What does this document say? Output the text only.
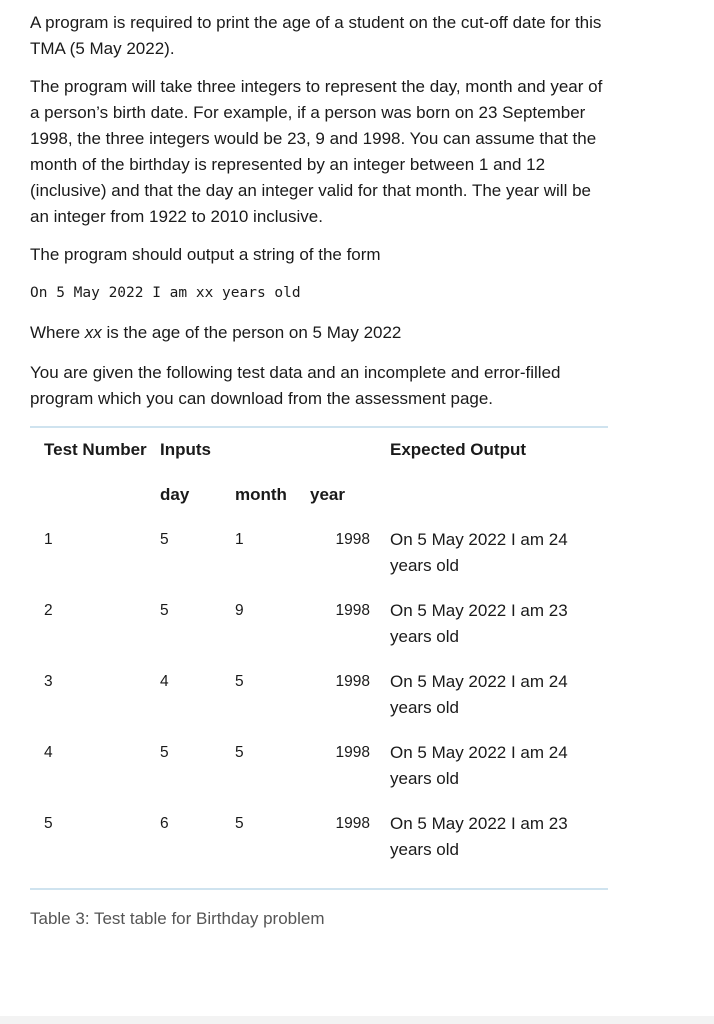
A program is required to print the age of a student on the cut-off date for this TMA (5 May 2022).

The program will take three integers to represent the day, month and year of a person’s birth date. For example, if a person was born on 23 September 1998, the three integers would be 23, 9 and 1998. You can assume that the month of the birthday is represented by an integer between 1 and 12 (inclusive) and that the day an integer valid for that month. The year will be an integer from 1922 to 2010 inclusive.

The program should output a string of the form

On 5 May 2022 I am xx years old

Where xx is the age of the person on 5 May 2022

You are given the following test data and an incomplete and error-filled program which you can download from the assessment page.

Test Number	Inputs			Expected Output
	day	month	year	
1	5	1	1998	On 5 May 2022 I am 24 years old
2	5	9	1998	On 5 May 2022 I am 23 years old
3	4	5	1998	On 5 May 2022 I am 24 years old
4	5	5	1998	On 5 May 2022 I am 24 years old
5	6	5	1998	On 5 May 2022 I am 23 years old
Table 3: Test table for Birthday problem
